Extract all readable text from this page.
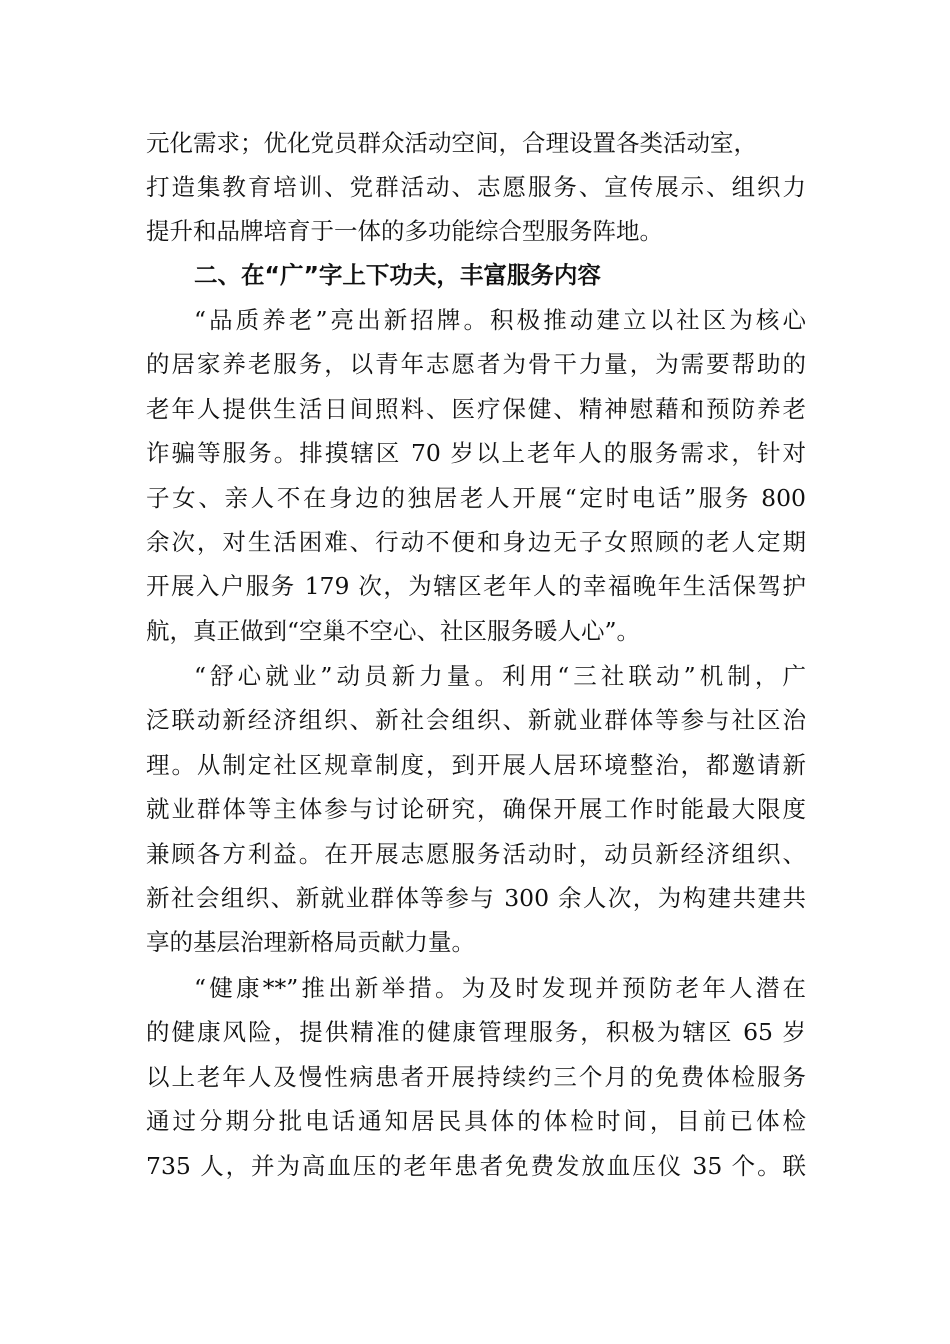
元化需求；优化党员群众活动空间，合理设置各类活动室，
打造集教育培训、党群活动、志愿服务、宣传展示、组织力
提升和品牌培育于一体的多功能综合型服务阵地。
二、在“广”字上下功夫，丰富服务内容
“品质养老”亮出新招牌。积极推动建立以社区为核心
的居家养老服务，以青年志愿者为骨干力量，为需要帮助的
老年人提供生活日间照料、医疗保健、精神慰藉和预防养老
诈骗等服务。排摸辖区 70 岁以上老年人的服务需求，针对
子女、亲人不在身边的独居老人开展“定时电话”服务 800
余次，对生活困难、行动不便和身边无子女照顾的老人定期
开展入户服务 179 次，为辖区老年人的幸福晚年生活保驾护
航，真正做到“空巢不空心、社区服务暖人心”。
“舒心就业”动员新力量。利用“三社联动”机制，广
泛联动新经济组织、新社会组织、新就业群体等参与社区治
理。从制定社区规章制度，到开展人居环境整治，都邀请新
就业群体等主体参与讨论研究，确保开展工作时能最大限度
兼顾各方利益。在开展志愿服务活动时，动员新经济组织、
新社会组织、新就业群体等参与 300 余人次，为构建共建共
享的基层治理新格局贡献力量。
“健康**”推出新举措。为及时发现并预防老年人潜在
的健康风险，提供精准的健康管理服务，积极为辖区 65 岁
以上老年人及慢性病患者开展持续约三个月的免费体检服务
通过分期分批电话通知居民具体的体检时间，目前已体检
735 人，并为高血压的老年患者免费发放血压仪 35 个。联
